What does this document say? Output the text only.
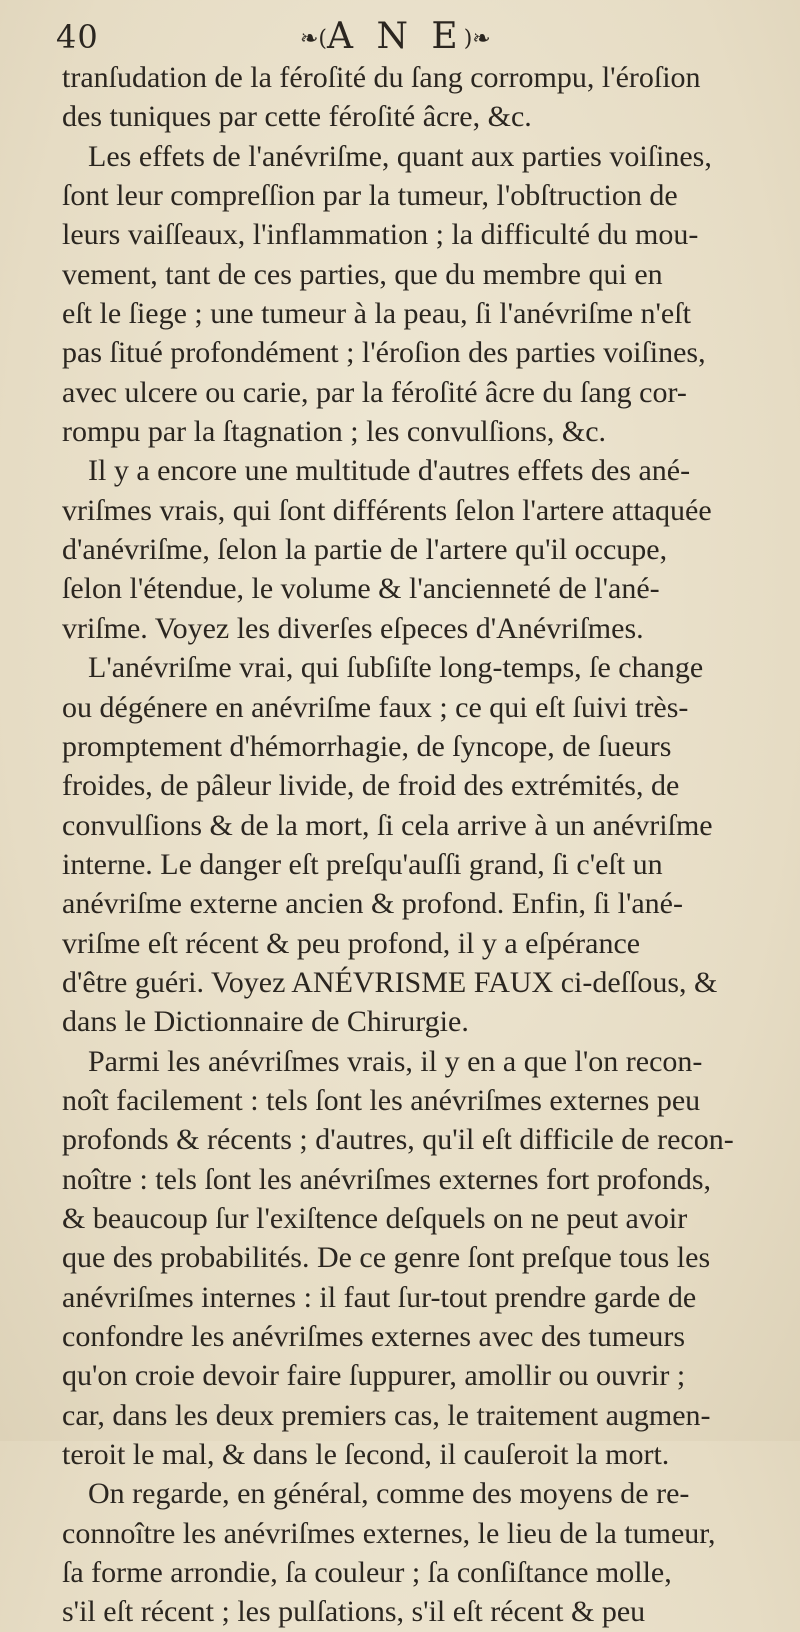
40	❧(A N E)❧

tranſudation de la féroſité du ſang corrompu, l'éroſion
des tuniques par cette féroſité âcre, &c.

Les effets de l'anévriſme, quant aux parties voiſines,
ſont leur compreſſion par la tumeur, l'obſtruction de
leurs vaiſſeaux, l'inflammation ; la difficulté du mou-
vement, tant de ces parties, que du membre qui en
eſt le ſiege ; une tumeur à la peau, ſi l'anévriſme n'eſt
pas ſitué profondément ; l'éroſion des parties voiſines,
avec ulcere ou carie, par la féroſité âcre du ſang cor-
rompu par la ſtagnation ; les convulſions, &c.

Il y a encore une multitude d'autres effets des ané-
vriſmes vrais, qui ſont différents ſelon l'artere attaquée
d'anévriſme, ſelon la partie de l'artere qu'il occupe,
ſelon l'étendue, le volume & l'ancienneté de l'ané-
vriſme. Voyez les diverſes eſpeces d'Anévriſmes.

L'anévriſme vrai, qui ſubſiſte long-temps, ſe change
ou dégénere en anévriſme faux ; ce qui eſt ſuivi très-
promptement d'hémorrhagie, de ſyncope, de ſueurs
froides, de pâleur livide, de froid des extrémités, de
convulſions & de la mort, ſi cela arrive à un anévriſme
interne. Le danger eſt preſqu'auſſi grand, ſi c'eſt un
anévriſme externe ancien & profond. Enfin, ſi l'ané-
vriſme eſt récent & peu profond, il y a eſpérance
d'être guéri. Voyez ANÉVRISME FAUX ci-deſſous, &
dans le Dictionnaire de Chirurgie.

Parmi les anévriſmes vrais, il y en a que l'on recon-
noît facilement : tels ſont les anévriſmes externes peu
profonds & récents ; d'autres, qu'il eſt difficile de recon-
noître : tels ſont les anévriſmes externes fort profonds,
& beaucoup ſur l'exiſtence deſquels on ne peut avoir
que des probabilités. De ce genre ſont preſque tous les
anévriſmes internes : il faut ſur-tout prendre garde de
confondre les anévriſmes externes avec des tumeurs
qu'on croie devoir faire ſuppurer, amollir ou ouvrir ;
car, dans les deux premiers cas, le traitement augmen-
teroit le mal, & dans le ſecond, il cauſeroit la mort.

On regarde, en général, comme des moyens de re-
connoître les anévriſmes externes, le lieu de la tumeur,
ſa forme arrondie, ſa couleur ; ſa conſiſtance molle,
s'il eſt récent ; les pulſations, s'il eſt récent & peu
